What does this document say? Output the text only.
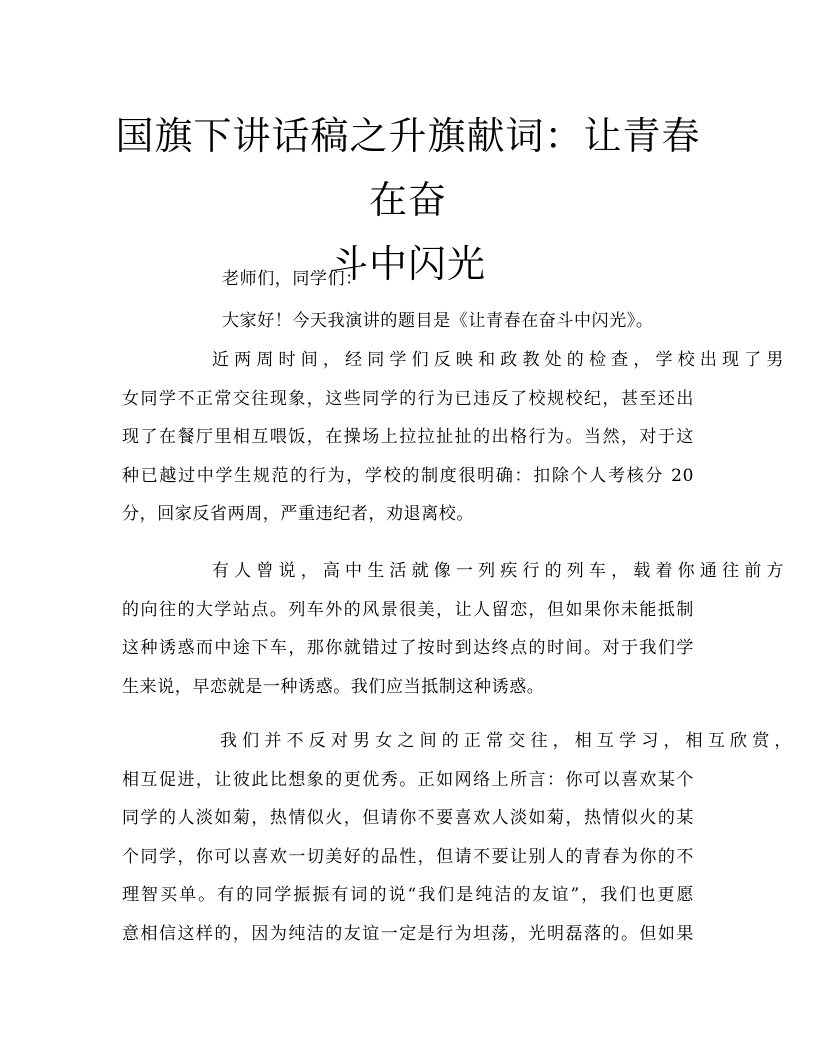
国旗下讲话稿之升旗献词：让青春在奋
斗中闪光
老师们，同学们：
大家好！今天我演讲的题目是《让青春在奋斗中闪光》。
近两周时间，经同学们反映和政教处的检查，学校出现了男
女同学不正常交往现象，这些同学的行为已违反了校规校纪，甚至还出
现了在餐厅里相互喂饭，在操场上拉拉扯扯的出格行为。当然，对于这
种已越过中学生规范的行为，学校的制度很明确：扣除个人考核分 20
分，回家反省两周，严重违纪者，劝退离校。
有人曾说，高中生活就像一列疾行的列车，载着你通往前方
的向往的大学站点。列车外的风景很美，让人留恋，但如果你未能抵制
这种诱惑而中途下车，那你就错过了按时到达终点的时间。对于我们学
生来说，早恋就是一种诱惑。我们应当抵制这种诱惑。
我们并不反对男女之间的正常交往，相互学习，相互欣赏，
相互促进，让彼此比想象的更优秀。正如网络上所言：你可以喜欢某个
同学的人淡如菊，热情似火，但请你不要喜欢人淡如菊，热情似火的某
个同学，你可以喜欢一切美好的品性，但请不要让别人的青春为你的不
理智买单。有的同学振振有词的说“我们是纯洁的友谊”，我们也更愿
意相信这样的，因为纯洁的友谊一定是行为坦荡，光明磊落的。但如果
